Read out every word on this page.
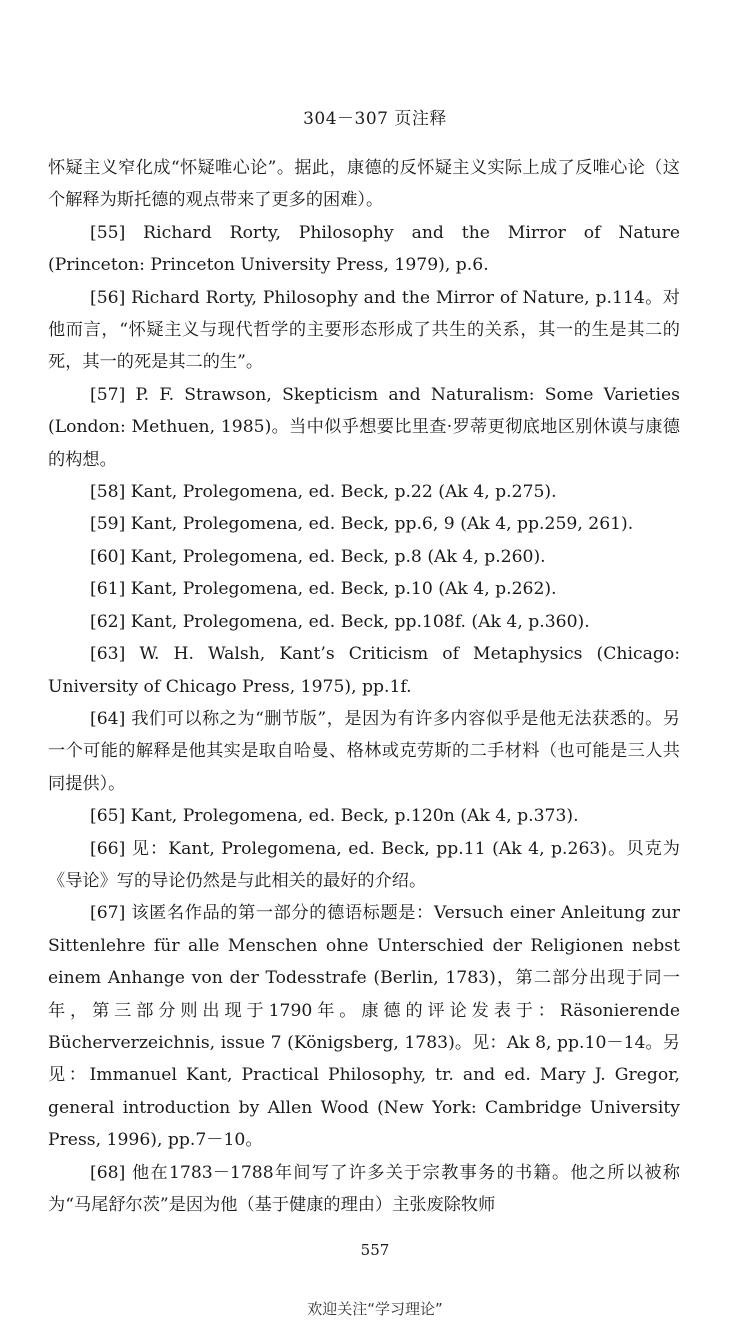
304－307 页注释

怀疑主义窄化成“怀疑唯心论”。据此，康德的反怀疑主义实际上成了反唯心论（这个解释为斯托德的观点带来了更多的困难）。

[55] Richard Rorty, Philosophy and the Mirror of Nature (Princeton: Princeton University Press, 1979), p.6.

[56] Richard Rorty, Philosophy and the Mirror of Nature, p.114。对他而言，“怀疑主义与现代哲学的主要形态形成了共生的关系，其一的生是其二的死，其一的死是其二的生”。

[57] P. F. Strawson, Skepticism and Naturalism: Some Varieties (London: Methuen, 1985)。当中似乎想要比里查·罗蒂更彻底地区别休谟与康德的构想。

[58] Kant, Prolegomena, ed. Beck, p.22 (Ak 4, p.275).

[59] Kant, Prolegomena, ed. Beck, pp.6, 9 (Ak 4, pp.259, 261).

[60] Kant, Prolegomena, ed. Beck, p.8 (Ak 4, p.260).

[61] Kant, Prolegomena, ed. Beck, p.10 (Ak 4, p.262).

[62] Kant, Prolegomena, ed. Beck, pp.108f. (Ak 4, p.360).

[63] W. H. Walsh, Kant’s Criticism of Metaphysics (Chicago: University of Chicago Press, 1975), pp.1f.

[64] 我们可以称之为“删节版”，是因为有许多内容似乎是他无法获悉的。另一个可能的解释是他其实是取自哈曼、格林或克劳斯的二手材料（也可能是三人共同提供）。

[65] Kant, Prolegomena, ed. Beck, p.120n (Ak 4, p.373).

[66] 见：Kant, Prolegomena, ed. Beck, pp.11 (Ak 4, p.263)。贝克为《导论》写的导论仍然是与此相关的最好的介绍。

[67] 该匿名作品的第一部分的德语标题是：Versuch einer Anleitung zur Sittenlehre für alle Menschen ohne Unterschied der Religionen nebst einem Anhange von der Todesstrafe (Berlin, 1783)，第二部分出现于同一年，第三部分则出现于1790年。康德的评论发表于：Räsonierende Bücherverzeichnis, issue 7 (Königsberg, 1783)。见：Ak 8, pp.10－14。另见：Immanuel Kant, Practical Philosophy, tr. and ed. Mary J. Gregor, general introduction by Allen Wood (New York: Cambridge University Press, 1996), pp.7－10。

[68] 他在1783－1788年间写了许多关于宗教事务的书籍。他之所以被称为“马尾舒尔茨”是因为他（基于健康的理由）主张废除牧师

557
欢迎关注“学习理论”
